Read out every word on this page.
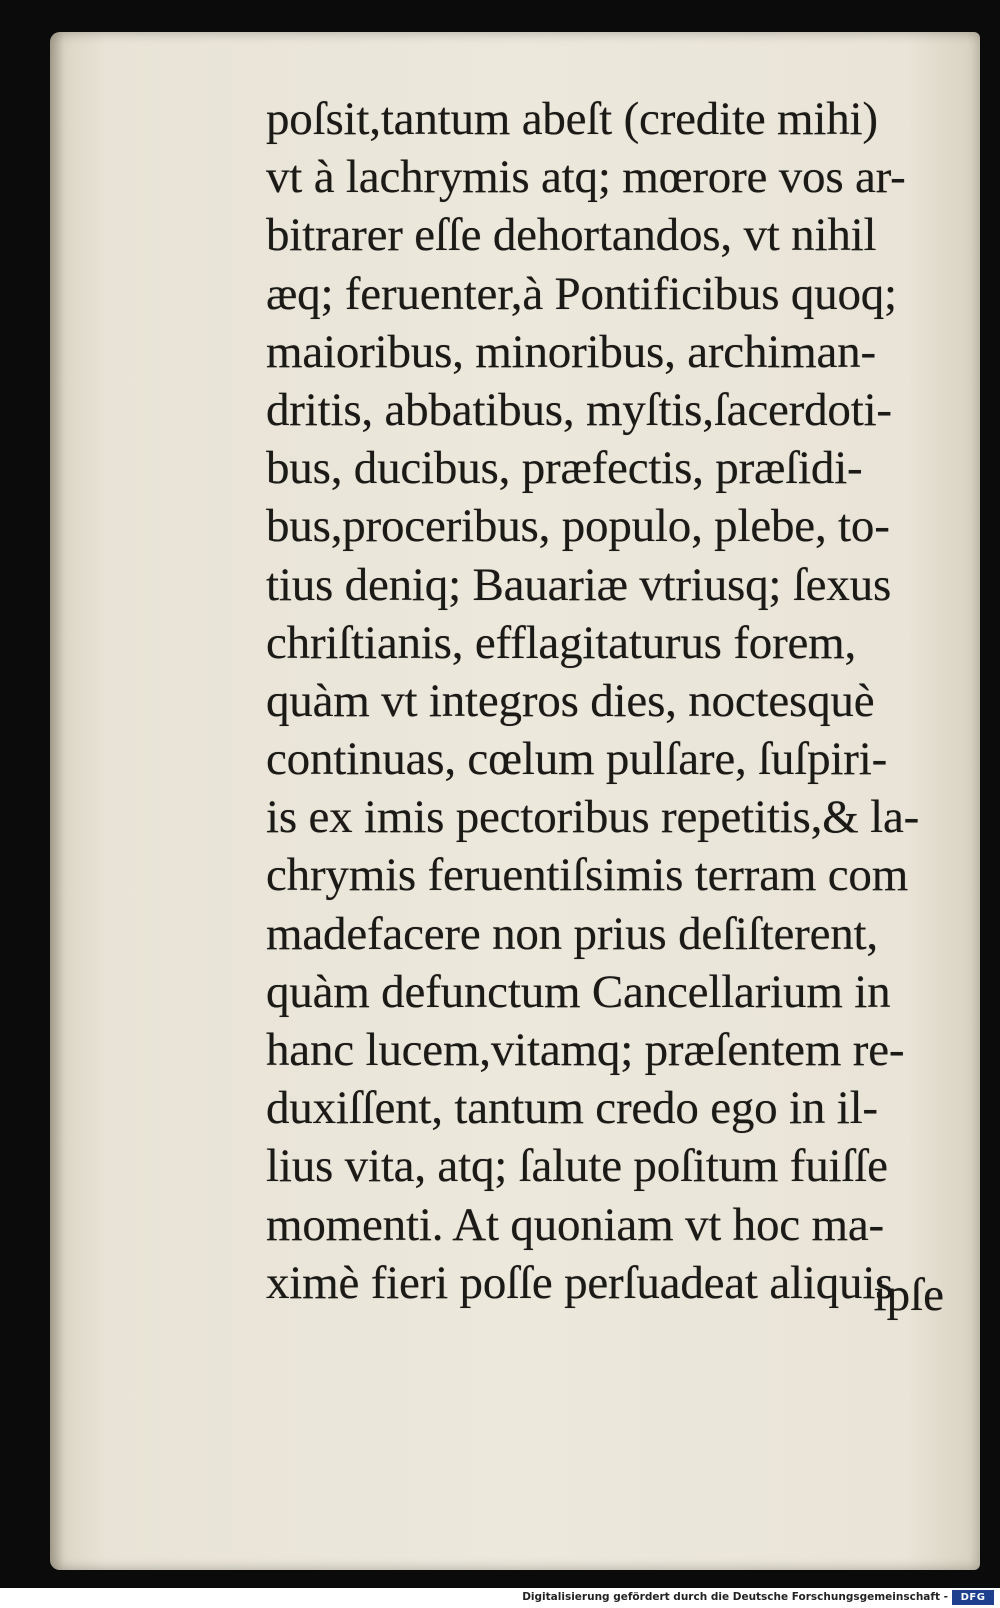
poſsit,tantum abeſt (credite mihi)

vt à lachrymis atq; mœrore vos ar-

bitrarer eſſe dehortandos, vt nihil

æq; feruenter,à Pontificibus quoq;

maioribus, minoribus, archiman-

dritis, abbatibus, myſtis,ſacerdoti-

bus, ducibus, præfectis, præſidi-

bus,proceribus, populo, plebe, to-

tius deniq; Bauariæ vtriusq; ſexus

chriſtianis, efflagitaturus forem,

quàm vt integros dies, noctesquè

continuas, cœlum pulſare, ſuſpiri-

is ex imis pectoribus repetitis,& la-

chrymis feruentiſsimis terram com

madefacere non prius deſiſterent,

quàm defunctum Cancellarium in

hanc lucem,vitamq; præſentem re-

duxiſſent, tantum credo ego in il-

lius vita, atq; ſalute poſitum fuiſſe

momenti. At quoniam vt hoc ma-

ximè fieri poſſe perſuadeat aliquis

ipſe

Digitalisierung gefördert durch die Deutsche Forschungsgemeinschaft -	DFG
